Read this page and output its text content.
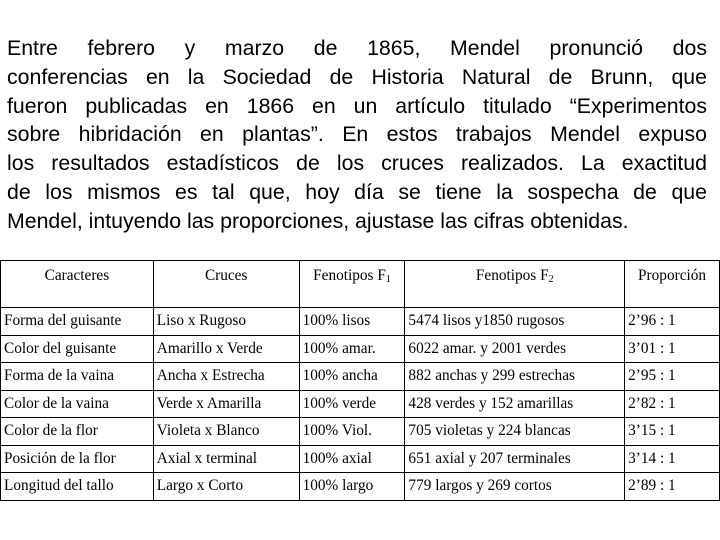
Entre febrero y marzo de 1865, Mendel pronunció dos
conferencias en la Sociedad de Historia Natural de Brunn, que
fueron publicadas en 1866 en un artículo titulado “Experimentos
sobre hibridación en plantas”. En estos trabajos Mendel expuso
los resultados estadísticos de los cruces realizados. La exactitud
de los mismos es tal que, hoy día se tiene la sospecha de que
Mendel, intuyendo las proporciones, ajustase las cifras obtenidas.
Caracteres	Cruces	Fenotipos $F_1$	Fenotipos $F_2$	Proporción
Forma del guisante	Liso x Rugoso	100% lisos	5474 lisos y1850 rugosos	2’96 : 1
Color del guisante	Amarillo x Verde	100% amar.	6022 amar. y 2001 verdes	3’01 : 1
Forma de la vaina	Ancha x Estrecha	100% ancha	882 anchas y 299 estrechas	2’95 : 1
Color de la vaina	Verde x Amarilla	100% verde	428 verdes y 152 amarillas	2’82 : 1
Color de la flor	Violeta x Blanco	100% Viol.	705 violetas y 224 blancas	3’15 : 1
Posición de la flor	Axial x terminal	100% axial	651 axial y 207 terminales	3’14 : 1
Longitud del tallo	Largo x Corto	100% largo	779 largos y 269 cortos	2’89 : 1
